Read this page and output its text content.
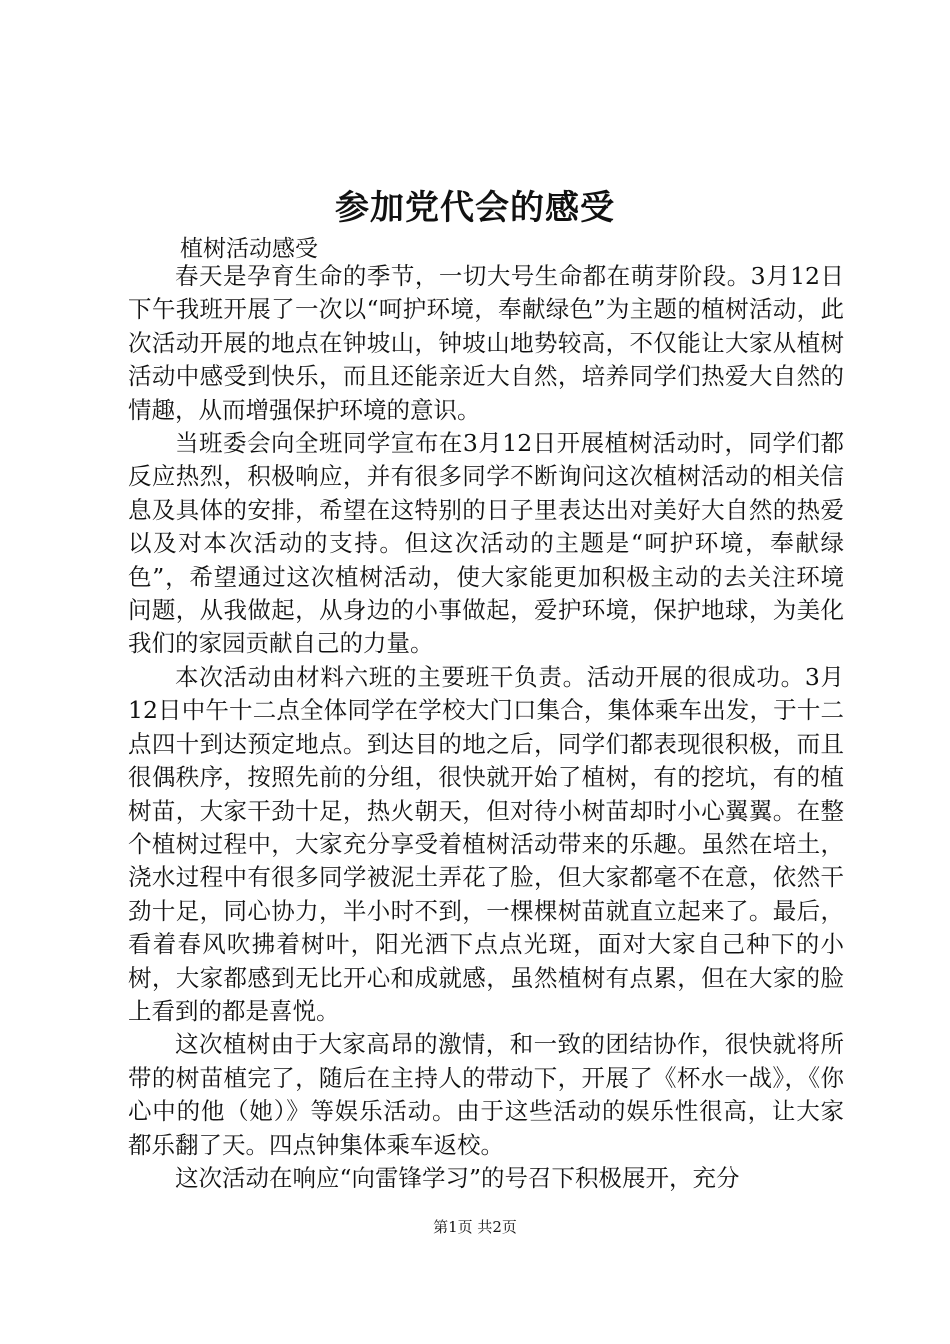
参加党代会的感受
植树活动感受

春天是孕育生命的季节，一切大号生命都在萌芽阶段。3月12日下午我班开展了一次以“呵护环境，奉献绿色”为主题的植树活动，此次活动开展的地点在钟坡山，钟坡山地势较高，不仅能让大家从植树活动中感受到快乐，而且还能亲近大自然，培养同学们热爱大自然的情趣，从而增强保护环境的意识。

当班委会向全班同学宣布在3月12日开展植树活动时，同学们都反应热烈，积极响应，并有很多同学不断询问这次植树活动的相关信息及具体的安排，希望在这特别的日子里表达出对美好大自然的热爱以及对本次活动的支持。但这次活动的主题是“呵护环境，奉献绿色”，希望通过这次植树活动，使大家能更加积极主动的去关注环境问题，从我做起，从身边的小事做起，爱护环境，保护地球，为美化我们的家园贡献自己的力量。

本次活动由材料六班的主要班干负责。活动开展的很成功。3月12日中午十二点全体同学在学校大门口集合，集体乘车出发，于十二点四十到达预定地点。到达目的地之后，同学们都表现很积极，而且很偶秩序，按照先前的分组，很快就开始了植树，有的挖坑，有的植树苗，大家干劲十足，热火朝天，但对待小树苗却时小心翼翼。在整个植树过程中，大家充分享受着植树活动带来的乐趣。虽然在培土，浇水过程中有很多同学被泥土弄花了脸，但大家都毫不在意，依然干劲十足，同心协力，半小时不到，一棵棵树苗就直立起来了。最后，看着春风吹拂着树叶，阳光洒下点点光斑，面对大家自己种下的小树，大家都感到无比开心和成就感，虽然植树有点累，但在大家的脸上看到的都是喜悦。

这次植树由于大家高昂的激情，和一致的团结协作，很快就将所带的树苗植完了，随后在主持人的带动下，开展了《杯水一战》，《你心中的他（她）》等娱乐活动。由于这些活动的娱乐性很高，让大家都乐翻了天。四点钟集体乘车返校。

这次活动在响应“向雷锋学习”的号召下积极展开，充分

第1页 共2页
